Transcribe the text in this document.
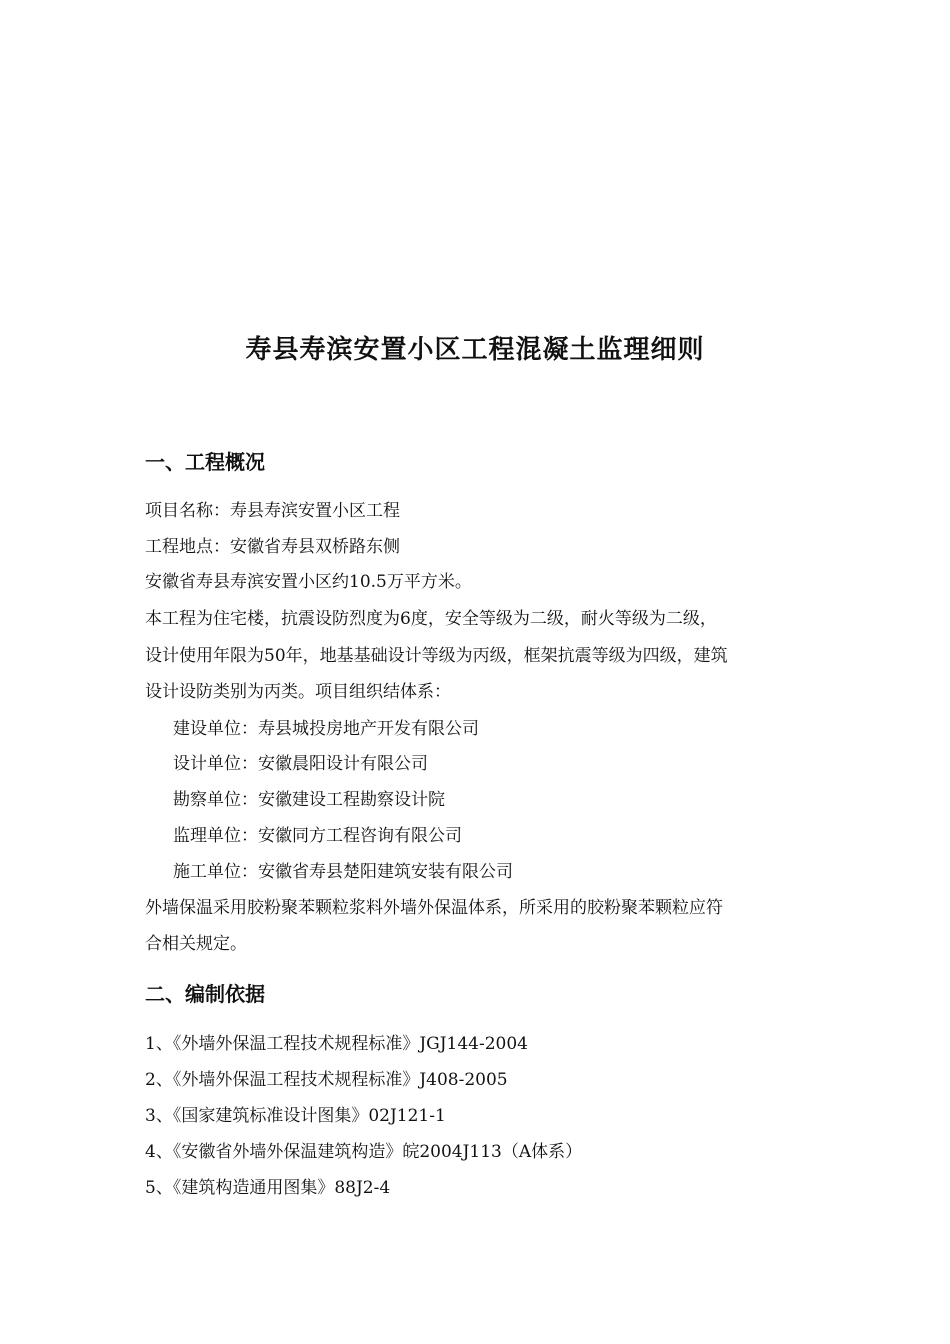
寿县寿滨安置小区工程混凝土监理细则
一、工程概况

项目名称：寿县寿滨安置小区工程

工程地点：安徽省寿县双桥路东侧

安徽省寿县寿滨安置小区约10.5万平方米。

本工程为住宅楼，抗震设防烈度为6度，安全等级为二级，耐火等级为二级，

设计使用年限为50年，地基基础设计等级为丙级，框架抗震等级为四级，建筑

设计设防类别为丙类。项目组织结体系：

建设单位：寿县城投房地产开发有限公司

设计单位：安徽晨阳设计有限公司

勘察单位：安徽建设工程勘察设计院

监理单位：安徽同方工程咨询有限公司

施工单位：安徽省寿县楚阳建筑安装有限公司

外墙保温采用胶粉聚苯颗粒浆料外墙外保温体系，所采用的胶粉聚苯颗粒应符

合相关规定。

二、编制依据

1、《外墙外保温工程技术规程标准》JGJ144-2004

2、《外墙外保温工程技术规程标准》J408-2005

3、《国家建筑标准设计图集》02J121-1

4、《安徽省外墙外保温建筑构造》皖2004J113（A体系）

5、《建筑构造通用图集》88J2-4
